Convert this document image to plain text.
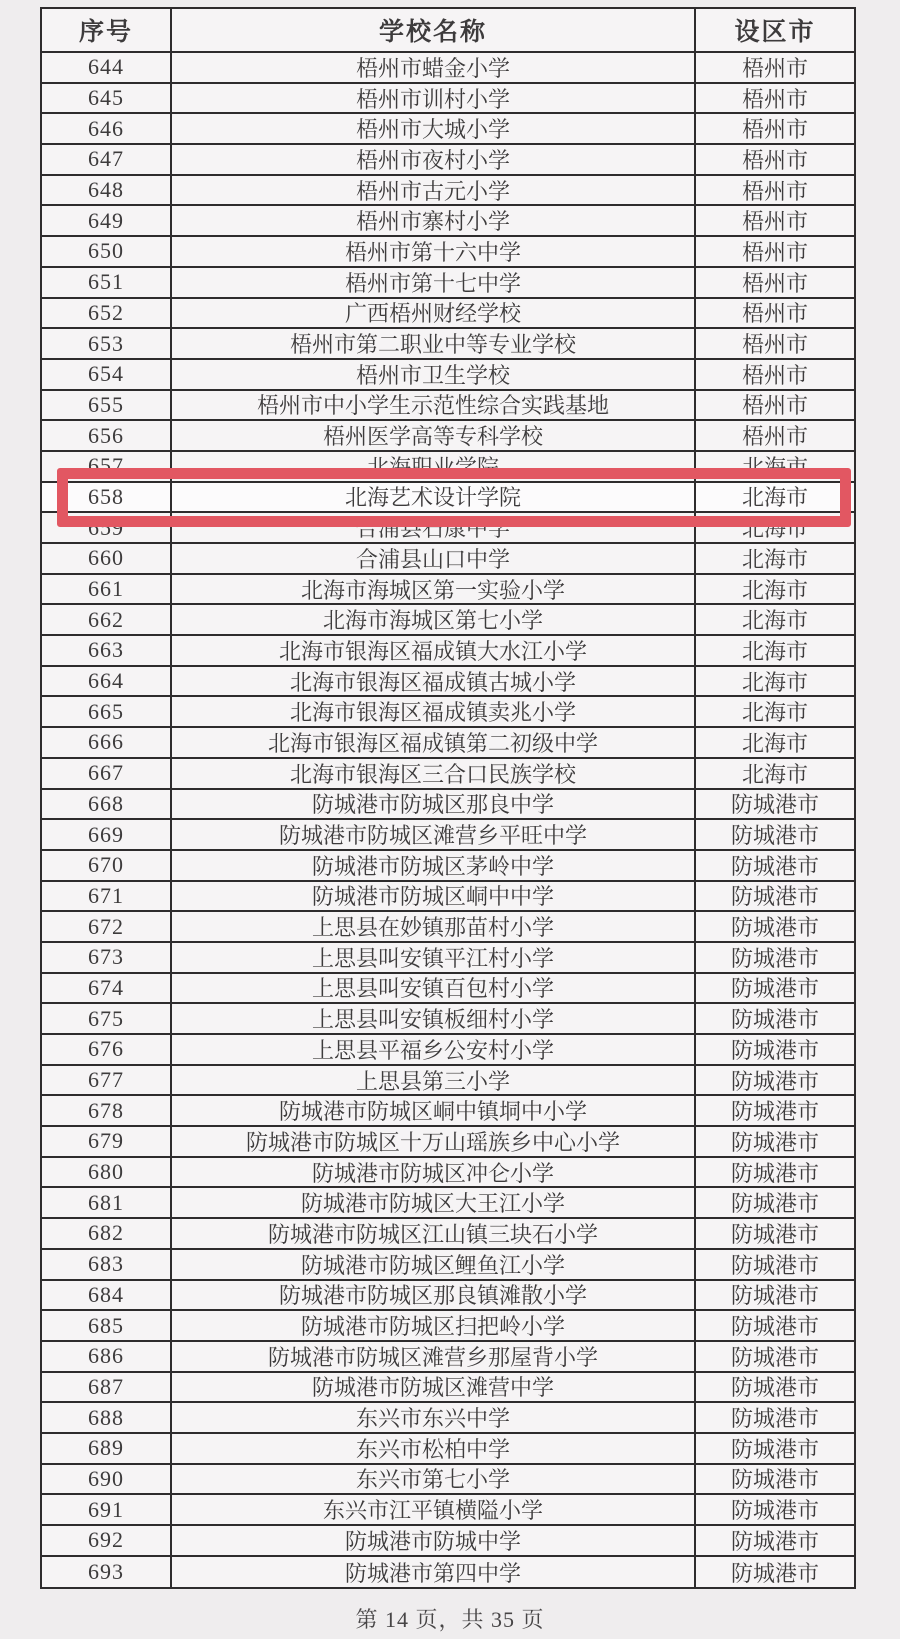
序号	学校名称	设区市
644	梧州市蜡金小学	梧州市
645	梧州市训村小学	梧州市
646	梧州市大城小学	梧州市
647	梧州市夜村小学	梧州市
648	梧州市古元小学	梧州市
649	梧州市寨村小学	梧州市
650	梧州市第十六中学	梧州市
651	梧州市第十七中学	梧州市
652	广西梧州财经学校	梧州市
653	梧州市第二职业中等专业学校	梧州市
654	梧州市卫生学校	梧州市
655	梧州市中小学生示范性综合实践基地	梧州市
656	梧州医学高等专科学校	梧州市
657	北海职业学院	北海市
658	北海艺术设计学院	北海市
659	合浦县石康中学	北海市
660	合浦县山口中学	北海市
661	北海市海城区第一实验小学	北海市
662	北海市海城区第七小学	北海市
663	北海市银海区福成镇大水江小学	北海市
664	北海市银海区福成镇古城小学	北海市
665	北海市银海区福成镇卖兆小学	北海市
666	北海市银海区福成镇第二初级中学	北海市
667	北海市银海区三合口民族学校	北海市
668	防城港市防城区那良中学	防城港市
669	防城港市防城区滩营乡平旺中学	防城港市
670	防城港市防城区茅岭中学	防城港市
671	防城港市防城区峒中中学	防城港市
672	上思县在妙镇那苗村小学	防城港市
673	上思县叫安镇平江村小学	防城港市
674	上思县叫安镇百包村小学	防城港市
675	上思县叫安镇板细村小学	防城港市
676	上思县平福乡公安村小学	防城港市
677	上思县第三小学	防城港市
678	防城港市防城区峒中镇垌中小学	防城港市
679	防城港市防城区十万山瑶族乡中心小学	防城港市
680	防城港市防城区冲仑小学	防城港市
681	防城港市防城区大王江小学	防城港市
682	防城港市防城区江山镇三块石小学	防城港市
683	防城港市防城区鲤鱼江小学	防城港市
684	防城港市防城区那良镇滩散小学	防城港市
685	防城港市防城区扫把岭小学	防城港市
686	防城港市防城区滩营乡那屋背小学	防城港市
687	防城港市防城区滩营中学	防城港市
688	东兴市东兴中学	防城港市
689	东兴市松柏中学	防城港市
690	东兴市第七小学	防城港市
691	东兴市江平镇横隘小学	防城港市
692	防城港市防城中学	防城港市
693	防城港市第四中学	防城港市
第 14 页，共 35 页
